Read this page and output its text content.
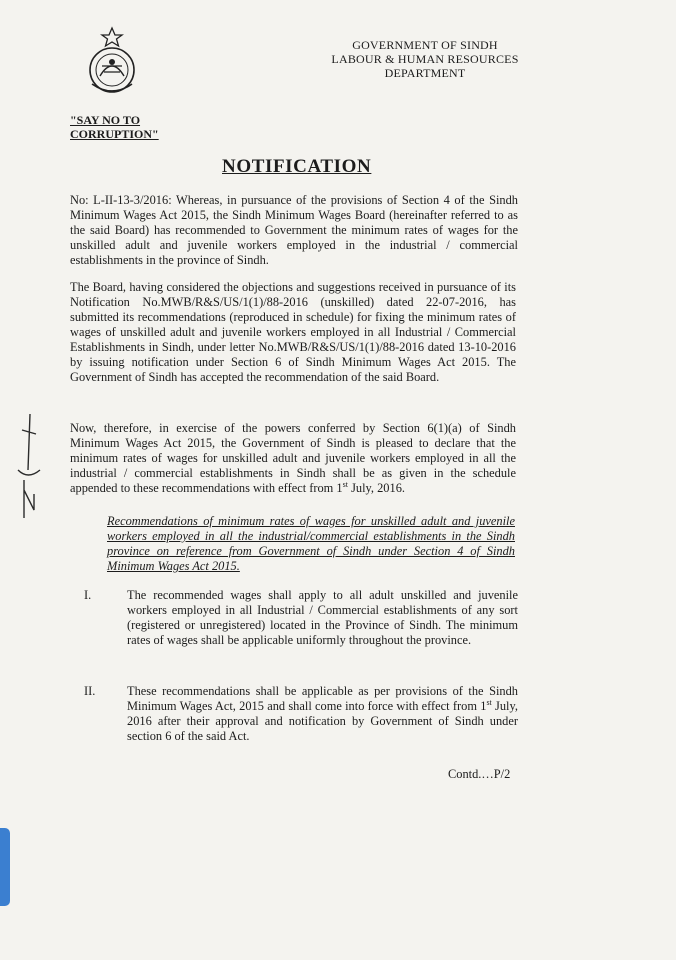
GOVERNMENT OF SINDH
LABOUR & HUMAN RESOURCES
DEPARTMENT
"SAY NO TO
CORRUPTION"
NOTIFICATION
No: L-II-13-3/2016: Whereas, in pursuance of the provisions of Section 4 of the Sindh Minimum Wages Act 2015, the Sindh Minimum Wages Board (hereinafter referred to as the said Board) has recommended to Government the minimum rates of wages for the unskilled adult and juvenile workers employed in the industrial / commercial establishments in the province of Sindh.
The Board, having considered the objections and suggestions received in pursuance of its Notification No.MWB/R&S/US/1(1)/88-2016 (unskilled) dated 22-07-2016, has submitted its recommendations (reproduced in schedule) for fixing the minimum rates of wages of unskilled adult and juvenile workers employed in all Industrial / Commercial Establishments in Sindh, under letter No.MWB/R&S/US/1(1)/88-2016 dated 13-10-2016 by issuing notification under Section 6 of Sindh Minimum Wages Act 2015. The Government of Sindh has accepted the recommendation of the said Board.
Now, therefore, in exercise of the powers conferred by Section 6(1)(a) of Sindh Minimum Wages Act 2015, the Government of Sindh is pleased to declare that the minimum rates of wages for unskilled adult and juvenile workers employed in all the industrial / commercial establishments in Sindh shall be as given in the schedule appended to these recommendations with effect from 1st July, 2016.
Recommendations of minimum rates of wages for unskilled adult and juvenile workers employed in all the industrial/commercial establishments in the Sindh province on reference from Government of Sindh under Section 4 of Sindh Minimum Wages Act 2015.
I.	The recommended wages shall apply to all adult unskilled and juvenile workers employed in all Industrial / Commercial establishments of any sort (registered or unregistered) located in the Province of Sindh. The minimum rates of wages shall be applicable uniformly throughout the province.
II.	These recommendations shall be applicable as per provisions of the Sindh Minimum Wages Act, 2015 and shall come into force with effect from 1st July, 2016 after their approval and notification by Government of Sindh under section 6 of the said Act.
Contd.…P/2
